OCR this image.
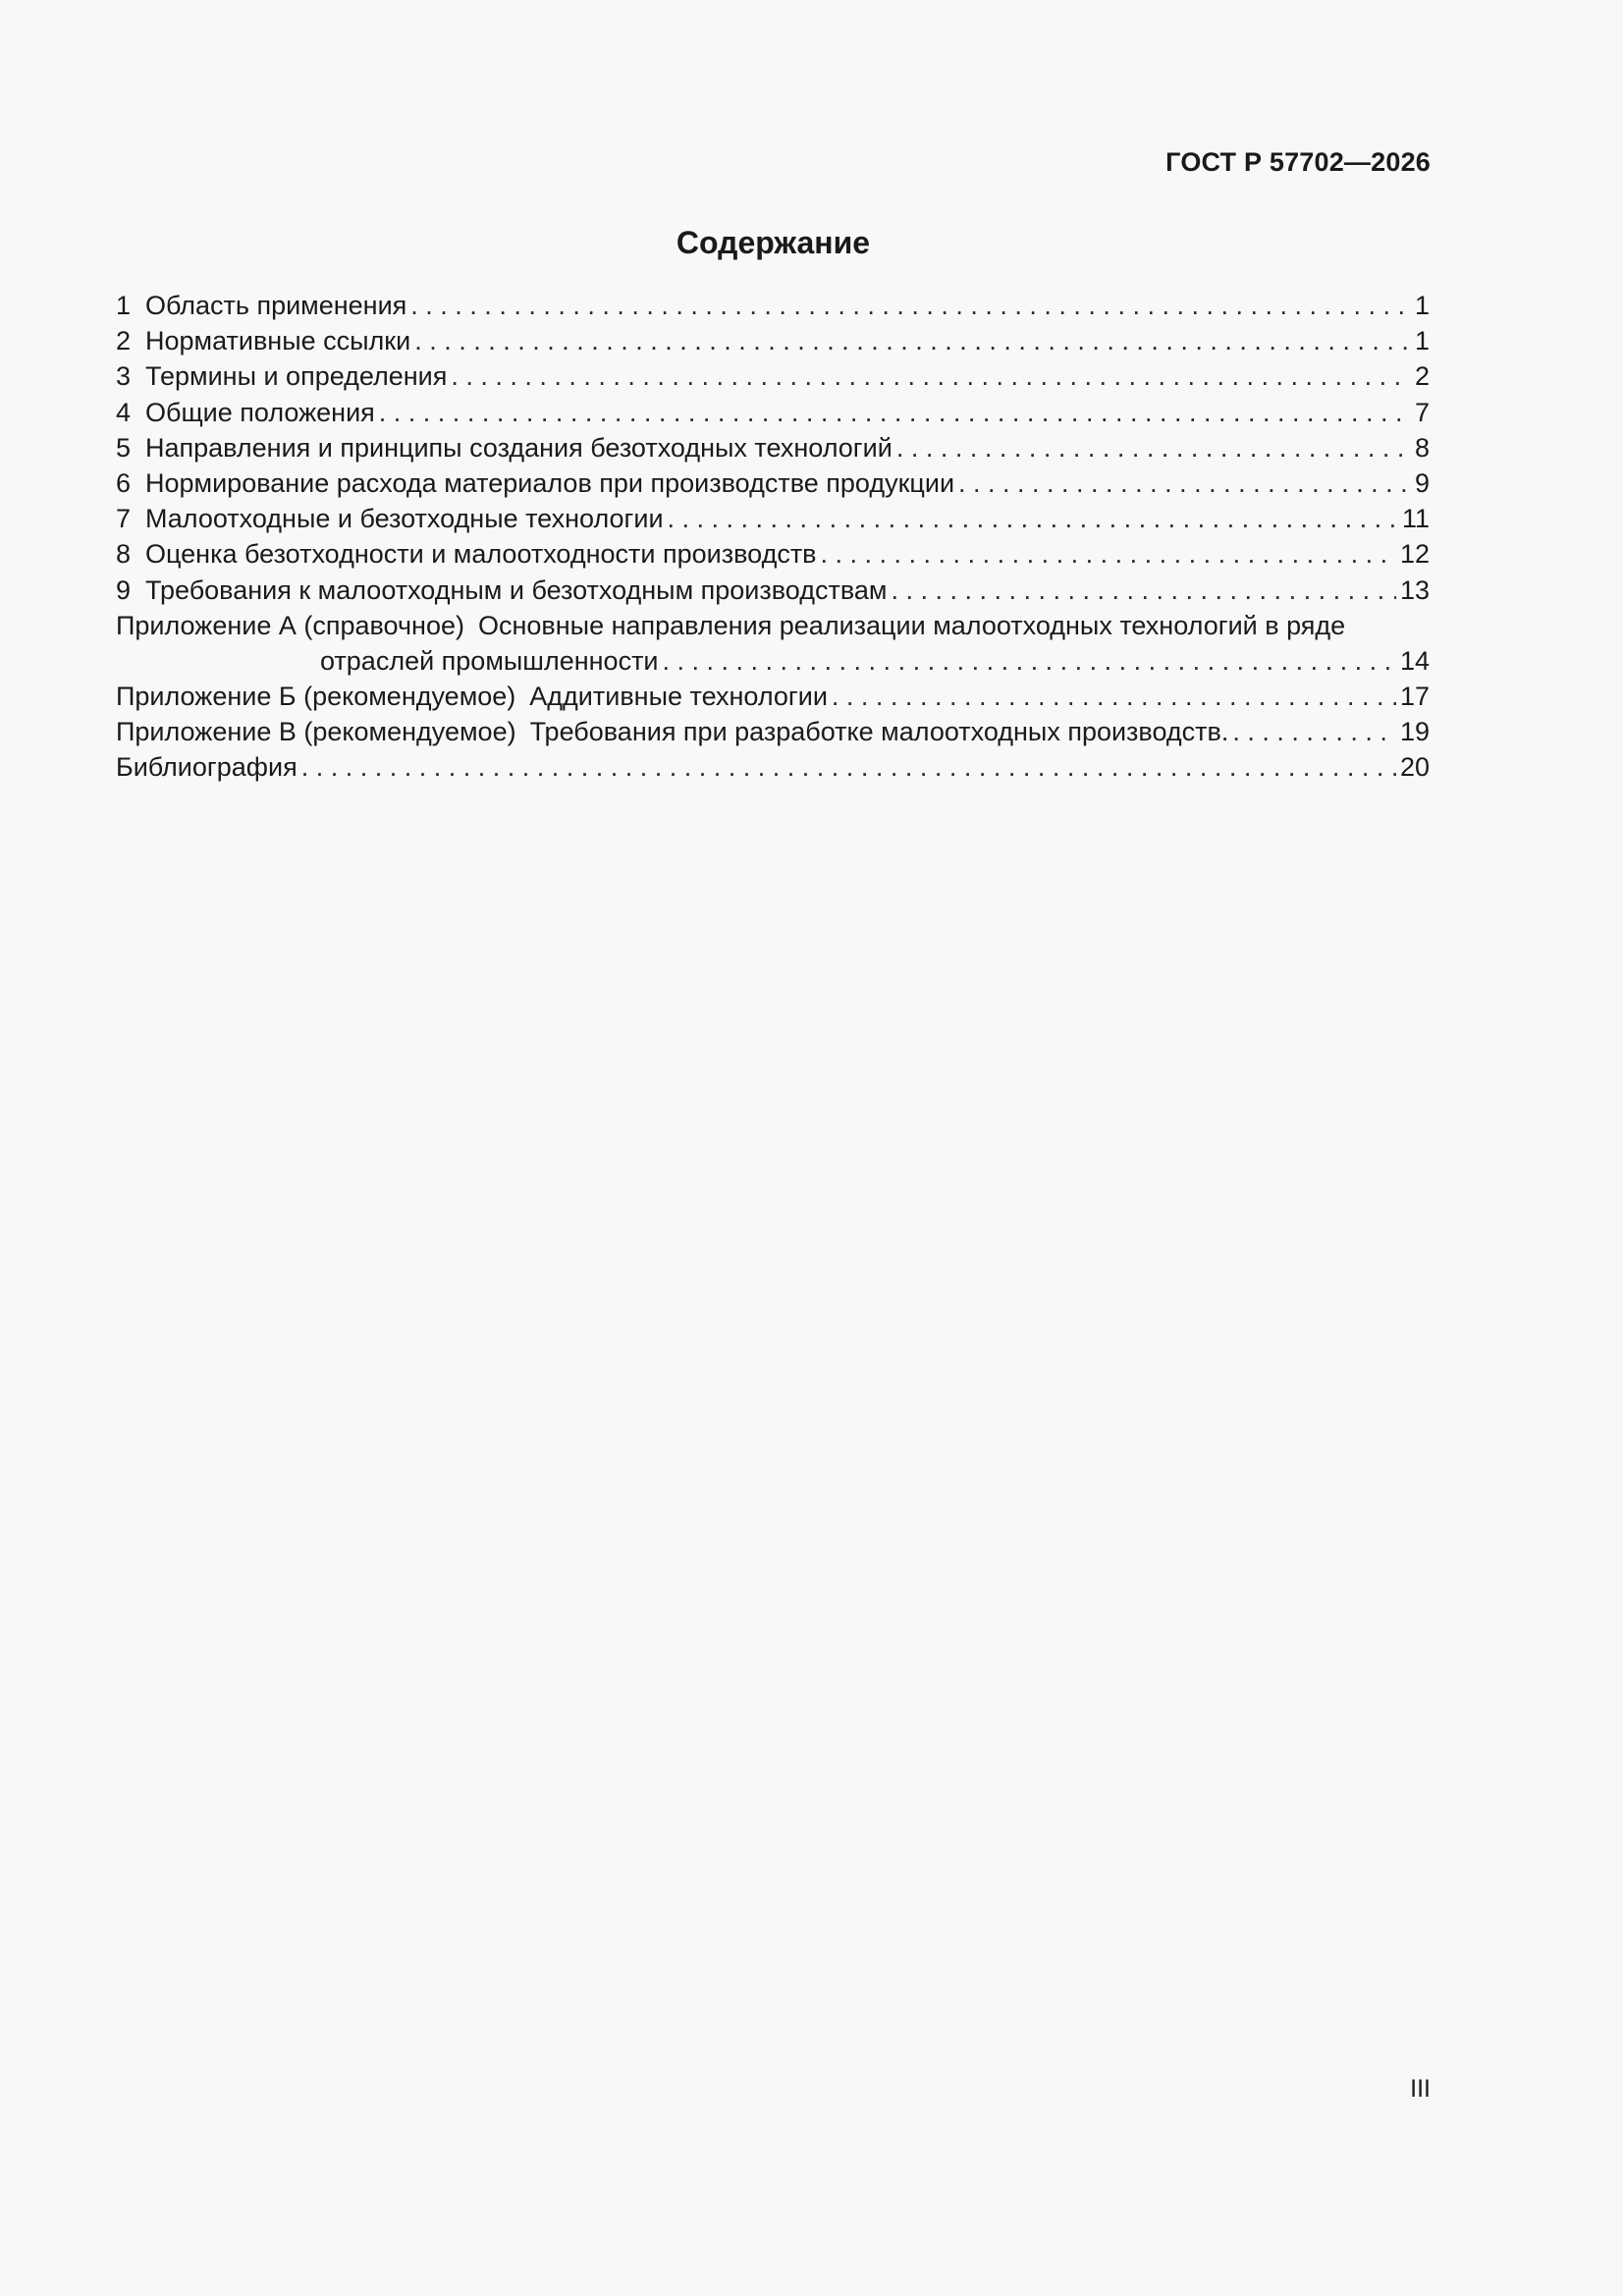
ГОСТ Р 57702—2026
Содержание
1 Область применения . . .	1
2 Нормативные ссылки . . .	1
3 Термины и определения . . .	2
4 Общие положения . . .	7
5 Направления и принципы создания безотходных технологий . . .	8
6 Нормирование расхода материалов при производстве продукции . . .	9
7 Малоотходные и безотходные технологии . . .	11
8 Оценка безотходности и малоотходности производств . . .	12
9 Требования к малоотходным и безотходным производствам . . .	13
Приложение А (справочное) Основные направления реализации малоотходных технологий в ряде
отраслей промышленности . . .	14
Приложение Б (рекомендуемое) Аддитивные технологии . . .	17
Приложение В (рекомендуемое) Требования при разработке малоотходных производств. . . .	19
Библиография . . .	20
III
